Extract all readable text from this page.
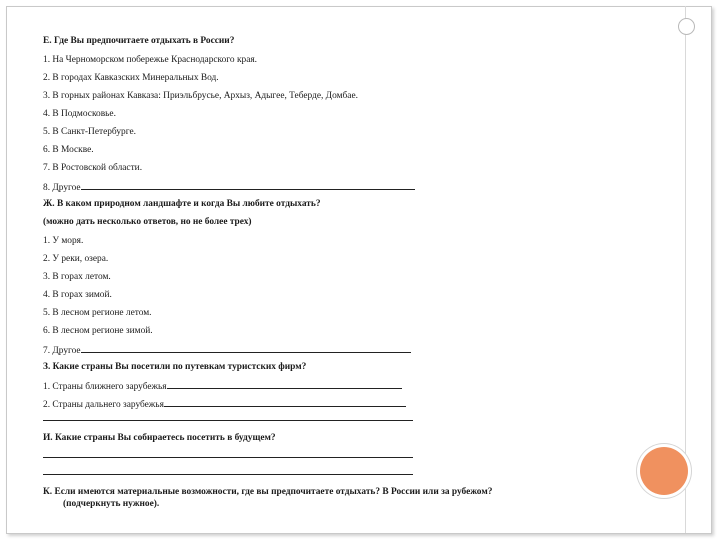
Е. Где Вы предпочитаете отдыхать в России?
1. На Черноморском побережье Краснодарского края.
2. В городах Кавказских Минеральных Вод.
3. В горных районах Кавказа: Приэльбрусье, Архыз, Адыгее, Теберде, Домбае.
4. В Подмосковье.
5. В Санкт-Петербурге.
6. В Москве.
7. В Ростовской области.
8. Другое
Ж. В каком природном ландшафте и когда Вы любите отдыхать?
(можно дать несколько ответов, но не более трех)
1. У моря.
2. У реки, озера.
3. В горах летом.
4. В горах зимой.
5. В лесном регионе летом.
6. В лесном регионе зимой.
7. Другое
З. Какие страны Вы посетили по путевкам туристских фирм?
1. Страны ближнего зарубежья
2. Страны дальнего зарубежья
И. Какие страны Вы собираетесь посетить в будущем?
К. Если имеются материальные возможности, где вы предпочитаете отдыхать? В России или за рубежом?
(подчеркнуть нужное).
